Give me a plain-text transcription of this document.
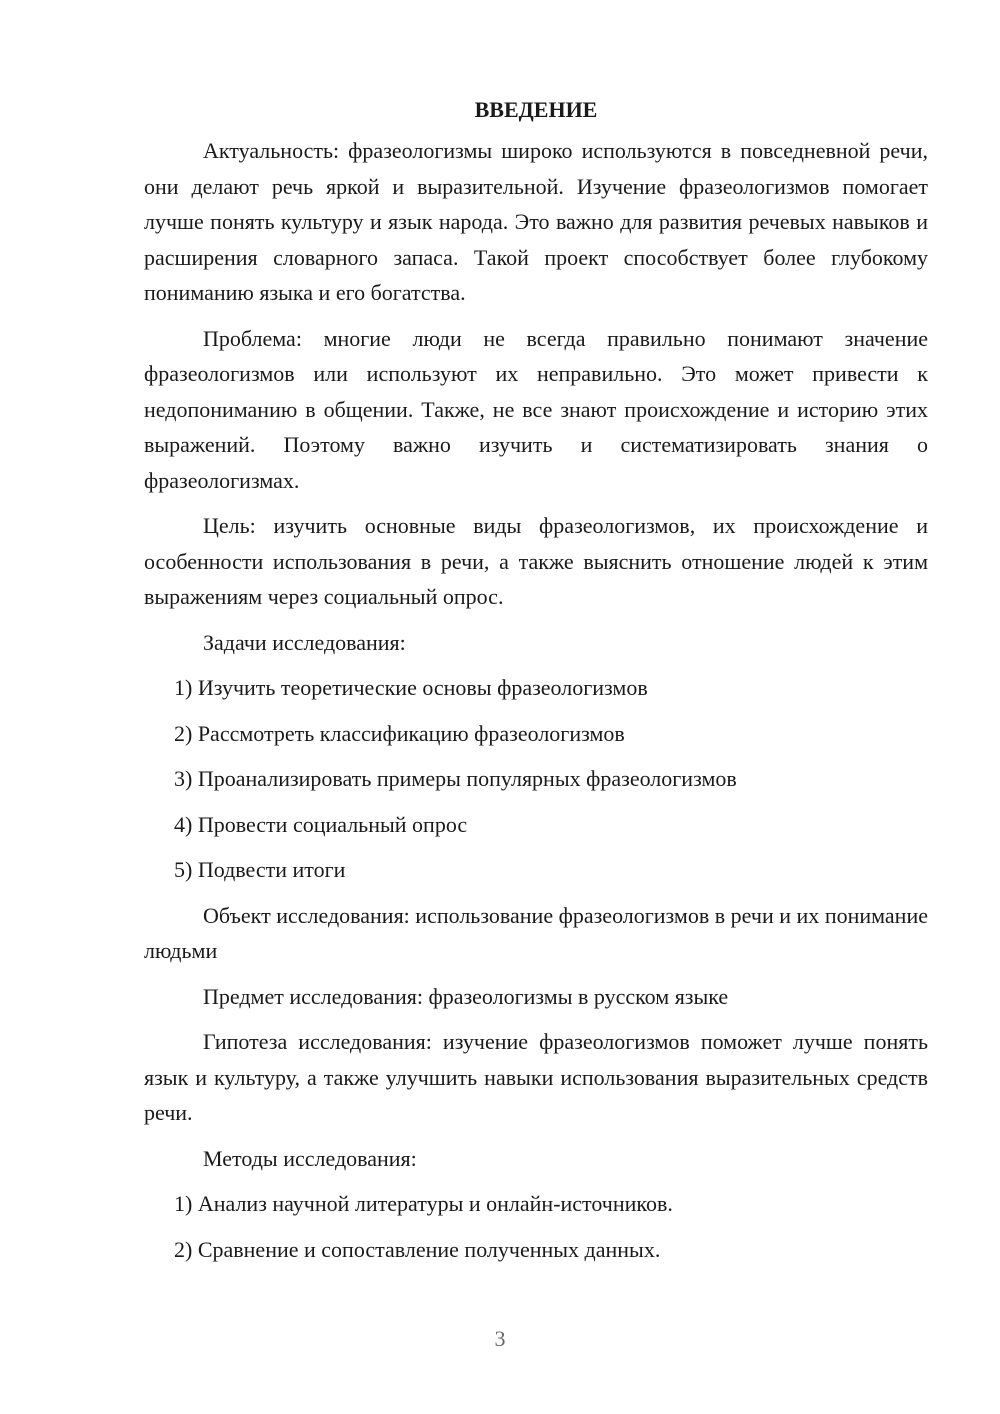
ВВЕДЕНИЕ

Актуальность: фразеологизмы широко используются в повседневной речи, они делают речь яркой и выразительной. Изучение фразеологизмов помогает лучше понять культуру и язык народа. Это важно для развития речевых навыков и расширения словарного запаса. Такой проект способствует более глубокому пониманию языка и его богатства.

Проблема: многие люди не всегда правильно понимают значение фразеологизмов или используют их неправильно. Это может привести к недопониманию в общении. Также, не все знают происхождение и историю этих выражений. Поэтому важно изучить и систематизировать знания о фразеологизмах.

Цель: изучить основные виды фразеологизмов, их происхождение и особенности использования в речи, а также выяснить отношение людей к этим выражениям через социальный опрос.

Задачи исследования:

1) Изучить теоретические основы фразеологизмов

2) Рассмотреть классификацию фразеологизмов

3) Проанализировать примеры популярных фразеологизмов

4) Провести социальный опрос

5) Подвести итоги

Объект исследования: использование фразеологизмов в речи и их понимание людьми

Предмет исследования: фразеологизмы в русском языке

Гипотеза исследования: изучение фразеологизмов поможет лучше понять язык и культуру, а также улучшить навыки использования выразительных средств речи.

Методы исследования:

1) Анализ научной литературы и онлайн-источников.

2) Сравнение и сопоставление полученных данных.

3
